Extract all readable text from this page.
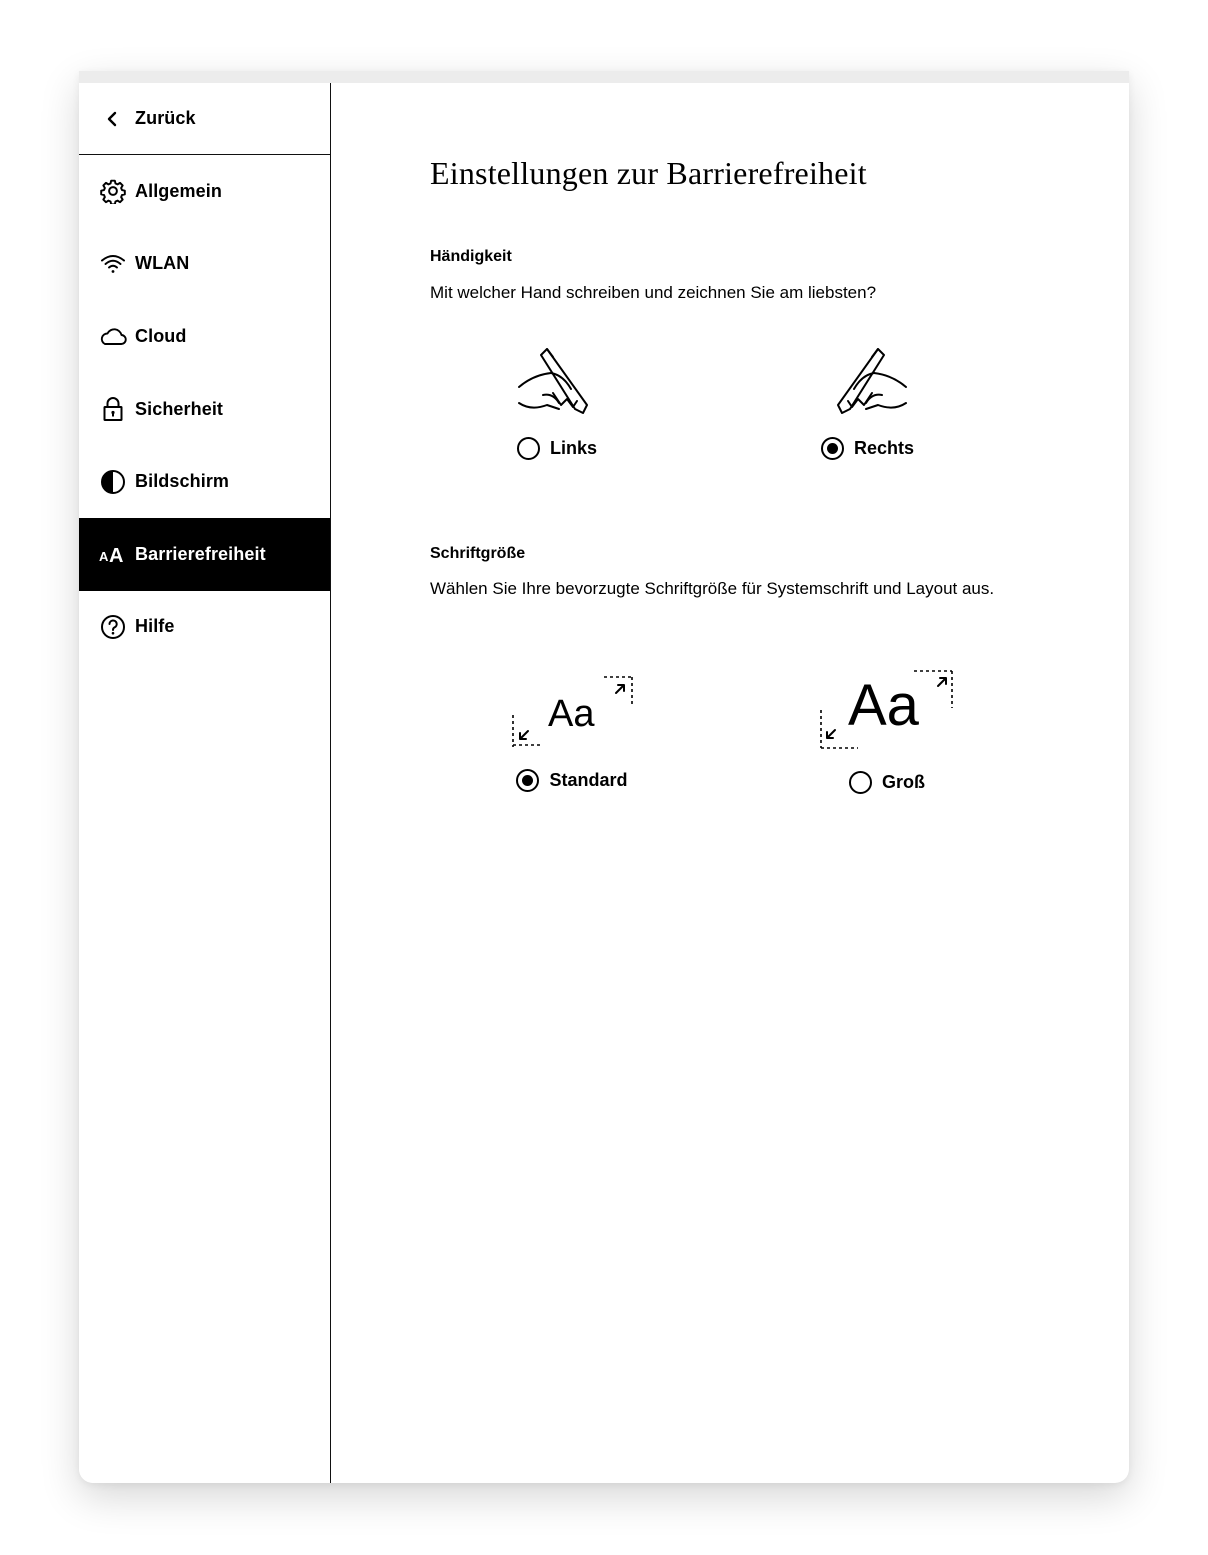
Zurück
Allgemein
WLAN
Cloud
Sicherheit
Bildschirm
A A Barrierefreiheit
Hilfe
Einstellungen zur Barrierefreiheit
Händigkeit

Mit welcher Hand schreiben und zeichnen Sie am liebsten?

Links	Rechts
Schriftgröße

Wählen Sie Ihre bevorzugte Schriftgröße für Systemschrift und Layout aus.

Aa
Standard
Aa
Groß
